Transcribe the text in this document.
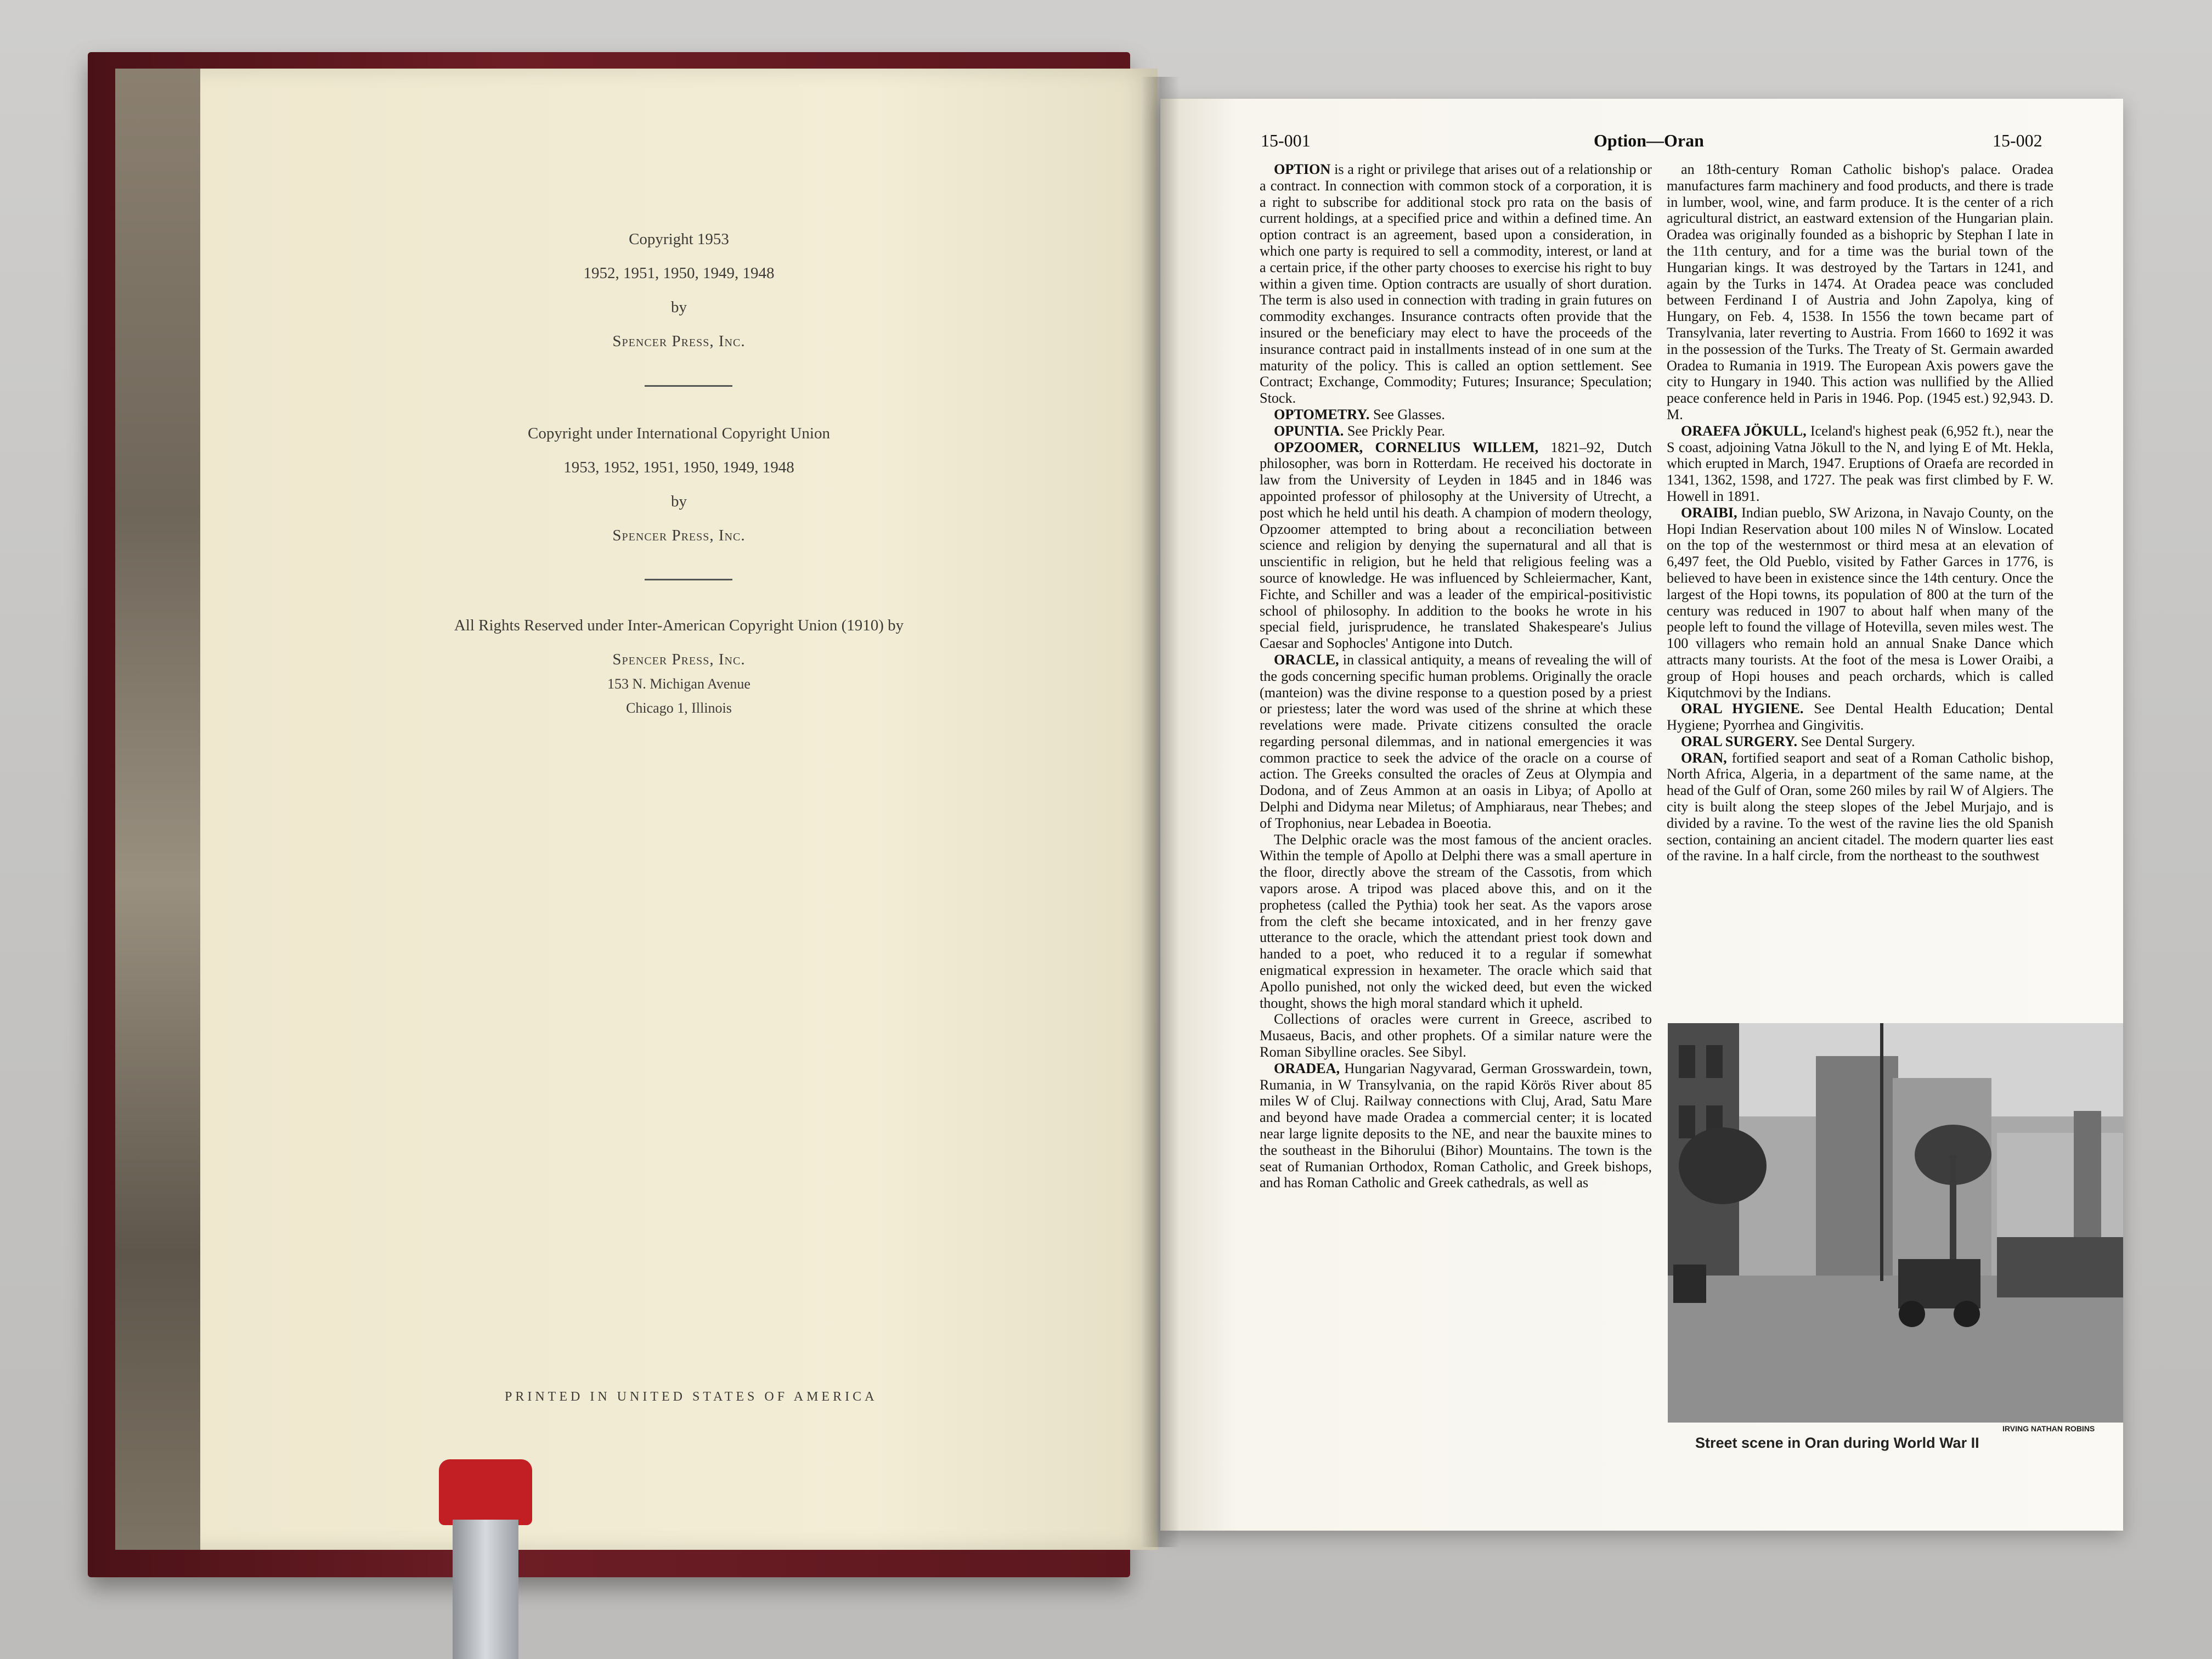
Copyright 1953
1952, 1951, 1950, 1949, 1948
by
Spencer Press, Inc.
Copyright under International Copyright Union
1953, 1952, 1951, 1950, 1949, 1948
by
Spencer Press, Inc.
All Rights Reserved under Inter-American Copyright Union (1910) by
Spencer Press, Inc.
153 N. Michigan Avenue
Chicago 1, Illinois
PRINTED IN UNITED STATES OF AMERICA
15-001	Option—Oran	15-002

OPTION is a right or privilege that arises out of a relationship or a contract. In connection with common stock of a corporation, it is a right to subscribe for additional stock pro rata on the basis of current holdings, at a specified price and within a defined time. An option contract is an agreement, based upon a consideration, in which one party is required to sell a commodity, interest, or land at a certain price, if the other party chooses to exercise his right to buy within a given time. Option contracts are usually of short duration. The term is also used in connection with trading in grain futures on commodity exchanges. Insurance contracts often provide that the insured or the beneficiary may elect to have the proceeds of the insurance contract paid in installments instead of in one sum at the maturity of the policy. This is called an option settlement. See Contract; Exchange, Commodity; Futures; Insurance; Speculation; Stock.

OPTOMETRY. See Glasses.

OPUNTIA. See Prickly Pear.

OPZOOMER, CORNELIUS WILLEM, 1821–92, Dutch philosopher, was born in Rotterdam. He received his doctorate in law from the University of Leyden in 1845 and in 1846 was appointed professor of philosophy at the University of Utrecht, a post which he held until his death. A champion of modern theology, Opzoomer attempted to bring about a reconciliation between science and religion by denying the supernatural and all that is unscientific in religion, but he held that religious feeling was a source of knowledge. He was influenced by Schleiermacher, Kant, Fichte, and Schiller and was a leader of the empirical-positivistic school of philosophy. In addition to the books he wrote in his special field, jurisprudence, he translated Shakespeare's Julius Caesar and Sophocles' Antigone into Dutch.

ORACLE, in classical antiquity, a means of revealing the will of the gods concerning specific human problems. Originally the oracle (manteion) was the divine response to a question posed by a priest or priestess; later the word was used of the shrine at which these revelations were made. Private citizens consulted the oracle regarding personal dilemmas, and in national emergencies it was common practice to seek the advice of the oracle on a course of action. The Greeks consulted the oracles of Zeus at Olympia and Dodona, and of Zeus Ammon at an oasis in Libya; of Apollo at Delphi and Didyma near Miletus; of Amphiaraus, near Thebes; and of Trophonius, near Lebadea in Boeotia.

The Delphic oracle was the most famous of the ancient oracles. Within the temple of Apollo at Delphi there was a small aperture in the floor, directly above the stream of the Cassotis, from which vapors arose. A tripod was placed above this, and on it the prophetess (called the Pythia) took her seat. As the vapors arose from the cleft she became intoxicated, and in her frenzy gave utterance to the oracle, which the attendant priest took down and handed to a poet, who reduced it to a regular if somewhat enigmatical expression in hexameter. The oracle which said that Apollo punished, not only the wicked deed, but even the wicked thought, shows the high moral standard which it upheld.

Collections of oracles were current in Greece, ascribed to Musaeus, Bacis, and other prophets. Of a similar nature were the Roman Sibylline oracles. See Sibyl.

ORADEA, Hungarian Nagyvarad, German Grosswardein, town, Rumania, in W Transylvania, on the rapid Körös River about 85 miles W of Cluj. Railway connections with Cluj, Arad, Satu Mare and beyond have made Oradea a commercial center; it is located near large lignite deposits to the NE, and near the bauxite mines to the southeast in the Bihorului (Bihor) Mountains. The town is the seat of Rumanian Orthodox, Roman Catholic, and Greek bishops, and has Roman Catholic and Greek cathedrals, as well as

an 18th-century Roman Catholic bishop's palace. Oradea manufactures farm machinery and food products, and there is trade in lumber, wool, wine, and farm produce. It is the center of a rich agricultural district, an eastward extension of the Hungarian plain. Oradea was originally founded as a bishopric by Stephan I late in the 11th century, and for a time was the burial town of the Hungarian kings. It was destroyed by the Tartars in 1241, and again by the Turks in 1474. At Oradea peace was concluded between Ferdinand I of Austria and John Zapolya, king of Hungary, on Feb. 4, 1538. In 1556 the town became part of Transylvania, later reverting to Austria. From 1660 to 1692 it was in the possession of the Turks. The Treaty of St. Germain awarded Oradea to Rumania in 1919. The European Axis powers gave the city to Hungary in 1940. This action was nullified by the Allied peace conference held in Paris in 1946. Pop. (1945 est.) 92,943. D. M.

ORAEFA JÖKULL, Iceland's highest peak (6,952 ft.), near the S coast, adjoining Vatna Jökull to the N, and lying E of Mt. Hekla, which erupted in March, 1947. Eruptions of Oraefa are recorded in 1341, 1362, 1598, and 1727. The peak was first climbed by F. W. Howell in 1891.

ORAIBI, Indian pueblo, SW Arizona, in Navajo County, on the Hopi Indian Reservation about 100 miles N of Winslow. Located on the top of the westernmost or third mesa at an elevation of 6,497 feet, the Old Pueblo, visited by Father Garces in 1776, is believed to have been in existence since the 14th century. Once the largest of the Hopi towns, its population of 800 at the turn of the century was reduced in 1907 to about half when many of the people left to found the village of Hotevilla, seven miles west. The 100 villagers who remain hold an annual Snake Dance which attracts many tourists. At the foot of the mesa is Lower Oraibi, a group of Hopi houses and peach orchards, which is called Kiqutchmovi by the Indians.

ORAL HYGIENE. See Dental Health Education; Dental Hygiene; Pyorrhea and Gingivitis.

ORAL SURGERY. See Dental Surgery.

ORAN, fortified seaport and seat of a Roman Catholic bishop, North Africa, Algeria, in a department of the same name, at the head of the Gulf of Oran, some 260 miles by rail W of Algiers. The city is built along the steep slopes of the Jebel Murjajo, and is divided by a ravine. To the west of the ravine lies the old Spanish section, containing an ancient citadel. The modern quarter lies east of the ravine. In a half circle, from the northeast to the southwest

IRVING NATHAN ROBINS
Street scene in Oran during World War II
